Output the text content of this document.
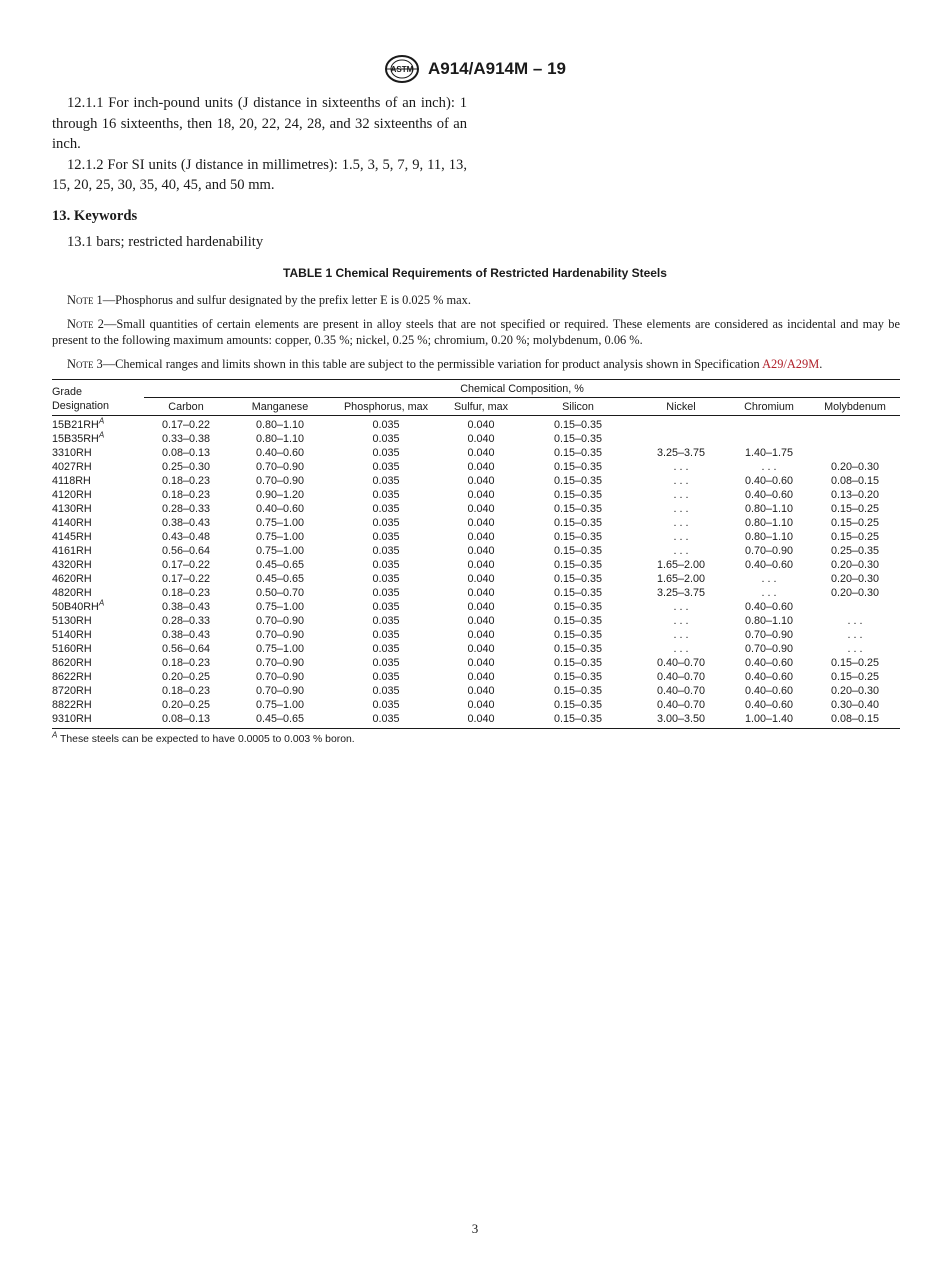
ASTM A914/A914M – 19

12.1.1 For inch-pound units (J distance in sixteenths of an inch): 1 through 16 sixteenths, then 18, 20, 22, 24, 28, and 32 sixteenths of an inch.

12.1.2 For SI units (J distance in millimetres): 1.5, 3, 5, 7, 9, 11, 13, 15, 20, 25, 30, 35, 40, 45, and 50 mm.

13. Keywords

13.1 bars; restricted hardenability

TABLE 1 Chemical Requirements of Restricted Hardenability Steels

Note 1—Phosphorus and sulfur designated by the prefix letter E is 0.025 % max.

Note 2—Small quantities of certain elements are present in alloy steels that are not specified or required. These elements are considered as incidental and may be present to the following maximum amounts: copper, 0.35 %; nickel, 0.25 %; chromium, 0.20 %; molybdenum, 0.06 %.

Note 3—Chemical ranges and limits shown in this table are subject to the permissible variation for product analysis shown in Specification A29/A29M.

Grade
Designation	Chemical Composition, %							
	Carbon	Manganese	Phosphorus, max	Sulfur, max	Silicon	Nickel	Chromium	Molybdenum
$15B21RH^A$	0.17–0.22	0.80–1.10	0.035	0.040	0.15–0.35			
$15B35RH^A$	0.33–0.38	0.80–1.10	0.035	0.040	0.15–0.35			
3310RH	0.08–0.13	0.40–0.60	0.035	0.040	0.15–0.35	3.25–3.75	1.40–1.75	
4027RH	0.25–0.30	0.70–0.90	0.035	0.040	0.15–0.35	. . .	. . .	0.20–0.30
4118RH	0.18–0.23	0.70–0.90	0.035	0.040	0.15–0.35	. . .	0.40–0.60	0.08–0.15
4120RH	0.18–0.23	0.90–1.20	0.035	0.040	0.15–0.35	. . .	0.40–0.60	0.13–0.20
4130RH	0.28–0.33	0.40–0.60	0.035	0.040	0.15–0.35	. . .	0.80–1.10	0.15–0.25
4140RH	0.38–0.43	0.75–1.00	0.035	0.040	0.15–0.35	. . .	0.80–1.10	0.15–0.25
4145RH	0.43–0.48	0.75–1.00	0.035	0.040	0.15–0.35	. . .	0.80–1.10	0.15–0.25
4161RH	0.56–0.64	0.75–1.00	0.035	0.040	0.15–0.35	. . .	0.70–0.90	0.25–0.35
4320RH	0.17–0.22	0.45–0.65	0.035	0.040	0.15–0.35	1.65–2.00	0.40–0.60	0.20–0.30
4620RH	0.17–0.22	0.45–0.65	0.035	0.040	0.15–0.35	1.65–2.00	. . .	0.20–0.30
4820RH	0.18–0.23	0.50–0.70	0.035	0.040	0.15–0.35	3.25–3.75	. . .	0.20–0.30
$50B40RH^A$	0.38–0.43	0.75–1.00	0.035	0.040	0.15–0.35	. . .	0.40–0.60	
5130RH	0.28–0.33	0.70–0.90	0.035	0.040	0.15–0.35	. . .	0.80–1.10	. . .
5140RH	0.38–0.43	0.70–0.90	0.035	0.040	0.15–0.35	. . .	0.70–0.90	. . .
5160RH	0.56–0.64	0.75–1.00	0.035	0.040	0.15–0.35	. . .	0.70–0.90	. . .
8620RH	0.18–0.23	0.70–0.90	0.035	0.040	0.15–0.35	0.40–0.70	0.40–0.60	0.15–0.25
8622RH	0.20–0.25	0.70–0.90	0.035	0.040	0.15–0.35	0.40–0.70	0.40–0.60	0.15–0.25
8720RH	0.18–0.23	0.70–0.90	0.035	0.040	0.15–0.35	0.40–0.70	0.40–0.60	0.20–0.30
8822RH	0.20–0.25	0.75–1.00	0.035	0.040	0.15–0.35	0.40–0.70	0.40–0.60	0.30–0.40
9310RH	0.08–0.13	0.45–0.65	0.035	0.040	0.15–0.35	3.00–3.50	1.00–1.40	0.08–0.15
$^A$ These steels can be expected to have 0.0005 to 0.003 % boron.
3
